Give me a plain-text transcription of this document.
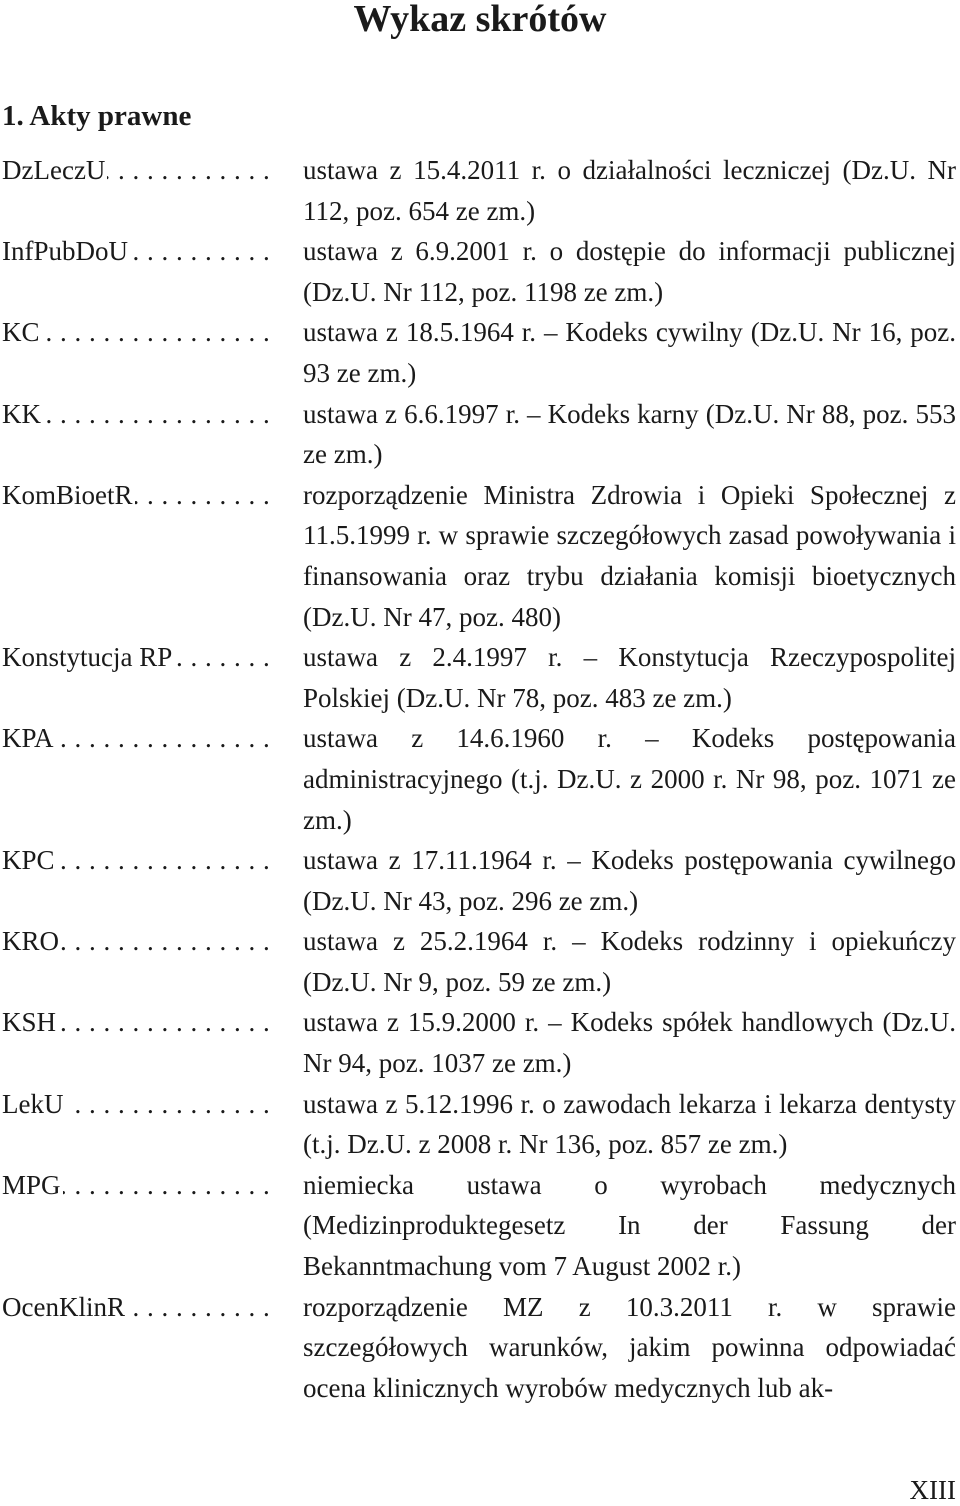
Wykaz skrótów
1. Akty prawne
DzLeczU
. . .	ustawa z 15.4.2011 r. o działalności leczniczej (Dz.U. Nr 112, poz. 654 ze zm.)

InfPubDoU
. . .	ustawa z 6.9.2001 r. o dostępie do informacji publicznej (Dz.U. Nr 112, poz. 1198 ze zm.)

KC
. . .	ustawa z 18.5.1964 r. – Kodeks cywilny (Dz.U. Nr 16, poz. 93 ze zm.)

KK
. . .	ustawa z 6.6.1997 r. – Kodeks karny (Dz.U. Nr 88, poz. 553 ze zm.)

KomBioetR
. . .	rozporządzenie Ministra Zdrowia i Opieki Społecznej z 11.5.1999 r. w sprawie szczegółowych zasad powoływania i finansowania oraz trybu działania komisji bioetycznych (Dz.U. Nr 47, poz. 480)

Konstytucja RP
. . .	ustawa z 2.4.1997 r. – Konstytucja Rzeczypospolitej Polskiej (Dz.U. Nr 78, poz. 483 ze zm.)

KPA
. . .	ustawa z 14.6.1960 r. – Kodeks postępowania administracyjnego (t.j. Dz.U. z 2000 r. Nr 98, poz. 1071 ze zm.)

KPC
. . .	ustawa z 17.11.1964 r. – Kodeks postępowania cywilnego (Dz.U. Nr 43, poz. 296 ze zm.)

KRO
. . .	ustawa z 25.2.1964 r. – Kodeks rodzinny i opiekuńczy (Dz.U. Nr 9, poz. 59 ze zm.)

KSH
. . .	ustawa z 15.9.2000 r. – Kodeks spółek handlowych (Dz.U. Nr 94, poz. 1037 ze zm.)

LekU
. . .	ustawa z 5.12.1996 r. o zawodach lekarza i lekarza dentysty (t.j. Dz.U. z 2008 r. Nr 136, poz. 857 ze zm.)

MPG
. . .	niemiecka ustawa o wyrobach medycznych (Medizinproduktegesetz In der Fassung der Bekanntmachung vom 7 August 2002 r.)

OcenKlinR
. . .	rozporządzenie MZ z 10.3.2011 r. w sprawie szczegółowych warunków, jakim powinna odpowiadać ocena klinicznych wyrobów medycznych lub ak-

XIII
